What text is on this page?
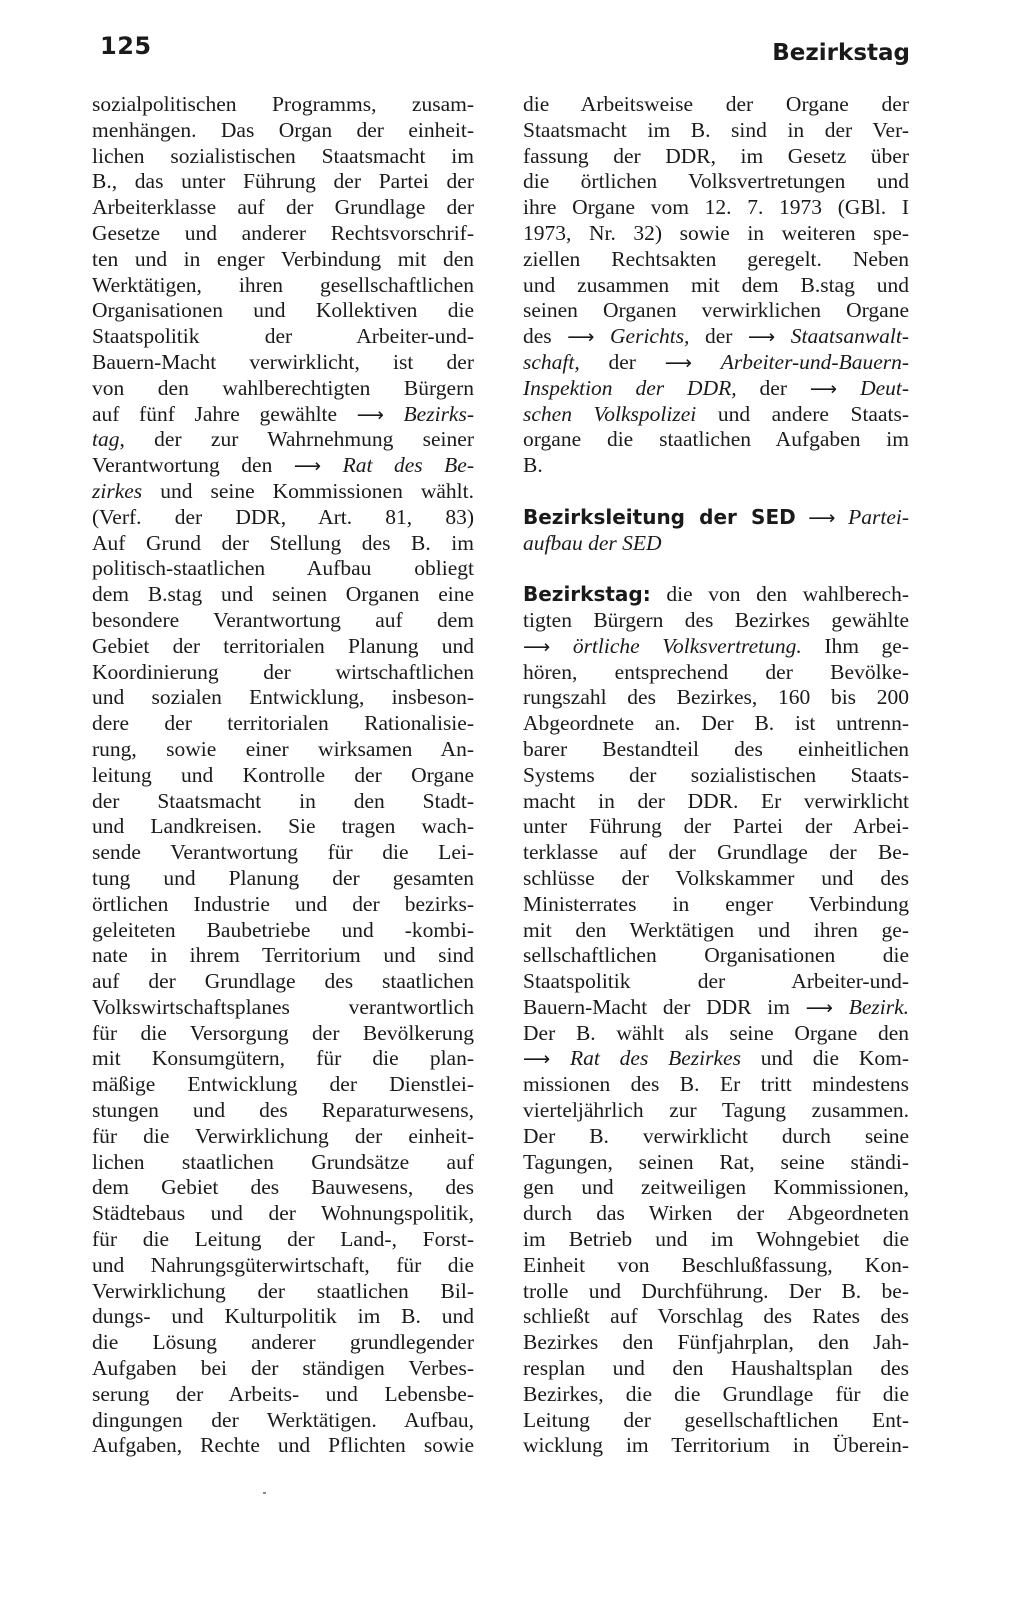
125	Bezirkstag
sozialpolitischen Programms, zusam-
menhängen. Das Organ der einheit-
lichen sozialistischen Staatsmacht im
B., das unter Führung der Partei der
Arbeiterklasse auf der Grundlage der
Gesetze und anderer Rechtsvorschrif-
ten und in enger Verbindung mit den
Werktätigen, ihren gesellschaftlichen
Organisationen und Kollektiven die
Staatspolitik der Arbeiter-und-
Bauern-Macht verwirklicht, ist der
von den wahlberechtigten Bürgern
auf fünf Jahre gewählte ⟶ Bezirks-
tag, der zur Wahrnehmung seiner
Verantwortung den ⟶ Rat des Be-
zirkes und seine Kommissionen wählt.
(Verf. der DDR, Art. 81, 83)
Auf Grund der Stellung des B. im
politisch-staatlichen Aufbau obliegt
dem B.stag und seinen Organen eine
besondere Verantwortung auf dem
Gebiet der territorialen Planung und
Koordinierung der wirtschaftlichen
und sozialen Entwicklung, insbeson-
dere der territorialen Rationalisie-
rung, sowie einer wirksamen An-
leitung und Kontrolle der Organe
der Staatsmacht in den Stadt-
und Landkreisen. Sie tragen wach-
sende Verantwortung für die Lei-
tung und Planung der gesamten
örtlichen Industrie und der bezirks-
geleiteten Baubetriebe und -kombi-
nate in ihrem Territorium und sind
auf der Grundlage des staatlichen
Volkswirtschaftsplanes verantwortlich
für die Versorgung der Bevölkerung
mit Konsumgütern, für die plan-
mäßige Entwicklung der Dienstlei-
stungen und des Reparaturwesens,
für die Verwirklichung der einheit-
lichen staatlichen Grundsätze auf
dem Gebiet des Bauwesens, des
Städtebaus und der Wohnungspolitik,
für die Leitung der Land-, Forst-
und Nahrungsgüterwirtschaft, für die
Verwirklichung der staatlichen Bil-
dungs- und Kulturpolitik im B. und
die Lösung anderer grundlegender
Aufgaben bei der ständigen Verbes-
serung der Arbeits- und Lebensbe-
dingungen der Werktätigen. Aufbau,
Aufgaben, Rechte und Pflichten sowie
die Arbeitsweise der Organe der
Staatsmacht im B. sind in der Ver-
fassung der DDR, im Gesetz über
die örtlichen Volksvertretungen und
ihre Organe vom 12. 7. 1973 (GBl. I
1973, Nr. 32) sowie in weiteren spe-
ziellen Rechtsakten geregelt. Neben
und zusammen mit dem B.stag und
seinen Organen verwirklichen Organe
des ⟶ Gerichts, der ⟶ Staatsanwalt-
schaft, der ⟶ Arbeiter-und-Bauern-
Inspektion der DDR, der ⟶ Deut-
schen Volkspolizei und andere Staats-
organe die staatlichen Aufgaben im
B.
Bezirksleitung der SED ⟶ Partei-
aufbau der SED
Bezirkstag: die von den wahlberech-
tigten Bürgern des Bezirkes gewählte
⟶ örtliche Volksvertretung. Ihm ge-
hören, entsprechend der Bevölke-
rungszahl des Bezirkes, 160 bis 200
Abgeordnete an. Der B. ist untrenn-
barer Bestandteil des einheitlichen
Systems der sozialistischen Staats-
macht in der DDR. Er verwirklicht
unter Führung der Partei der Arbei-
terklasse auf der Grundlage der Be-
schlüsse der Volkskammer und des
Ministerrates in enger Verbindung
mit den Werktätigen und ihren ge-
sellschaftlichen Organisationen die
Staatspolitik der Arbeiter-und-
Bauern-Macht der DDR im ⟶ Bezirk.
Der B. wählt als seine Organe den
⟶ Rat des Bezirkes und die Kom-
missionen des B. Er tritt mindestens
vierteljährlich zur Tagung zusammen.
Der B. verwirklicht durch seine
Tagungen, seinen Rat, seine ständi-
gen und zeitweiligen Kommissionen,
durch das Wirken der Abgeordneten
im Betrieb und im Wohngebiet die
Einheit von Beschlußfassung, Kon-
trolle und Durchführung. Der B. be-
schließt auf Vorschlag des Rates des
Bezirkes den Fünfjahrplan, den Jah-
resplan und den Haushaltsplan des
Bezirkes, die die Grundlage für die
Leitung der gesellschaftlichen Ent-
wicklung im Territorium in Überein-
